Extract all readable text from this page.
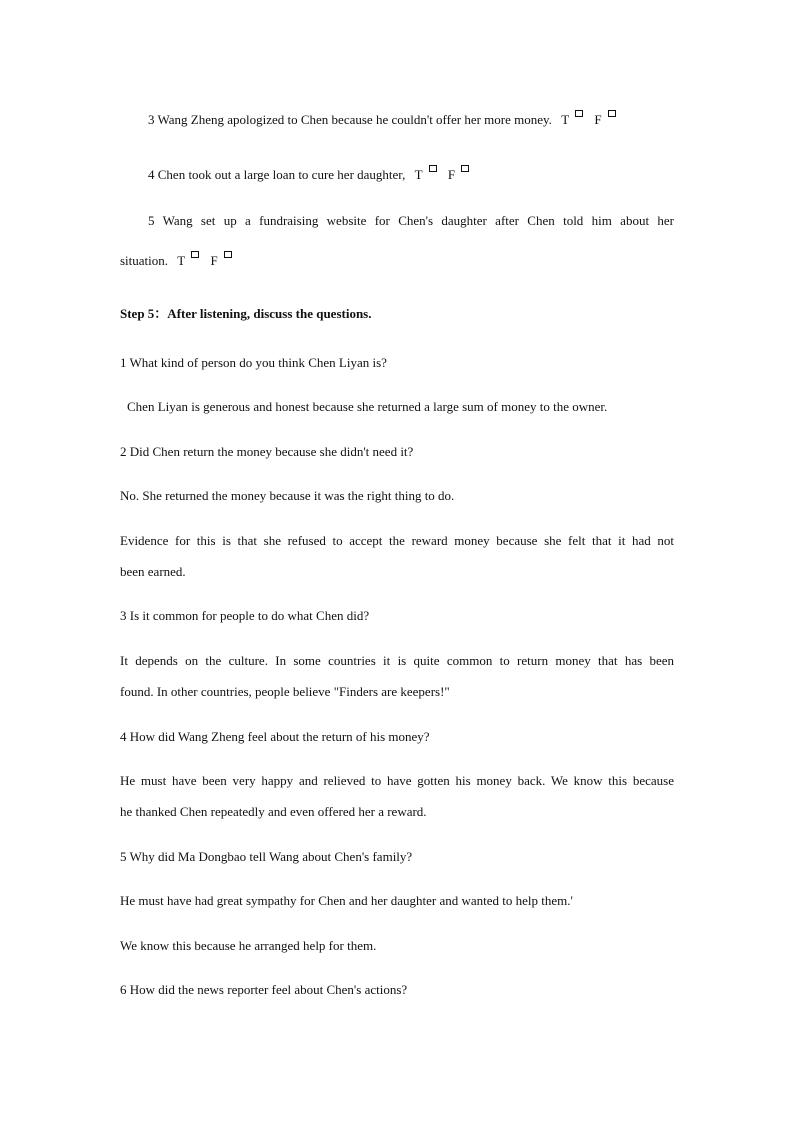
3 Wang Zheng apologized to Chen because he couldn't offer her more money. T F
4 Chen took out a large loan to cure her daughter, T F
5 Wang set up a fundraising website for Chen's daughter after Chen told him about her
situation. T F
Step 5：After listening, discuss the questions.
1 What kind of person do you think Chen Liyan is?
Chen Liyan is generous and honest because she returned a large sum of money to the owner.
2 Did Chen return the money because she didn't need it?
No. She returned the money because it was the right thing to do.
Evidence for this is that she refused to accept the reward money because she felt that it had not
been earned.
3 Is it common for people to do what Chen did?
It depends on the culture. In some countries it is quite common to return money that has been
found. In other countries, people believe "Finders are keepers!"
4 How did Wang Zheng feel about the return of his money?
He must have been very happy and relieved to have gotten his money back. We know this because
he thanked Chen repeatedly and even offered her a reward.
5 Why did Ma Dongbao tell Wang about Chen's family?
He must have had great sympathy for Chen and her daughter and wanted to help them.'
We know this because he arranged help for them.
6 How did the news reporter feel about Chen's actions?
